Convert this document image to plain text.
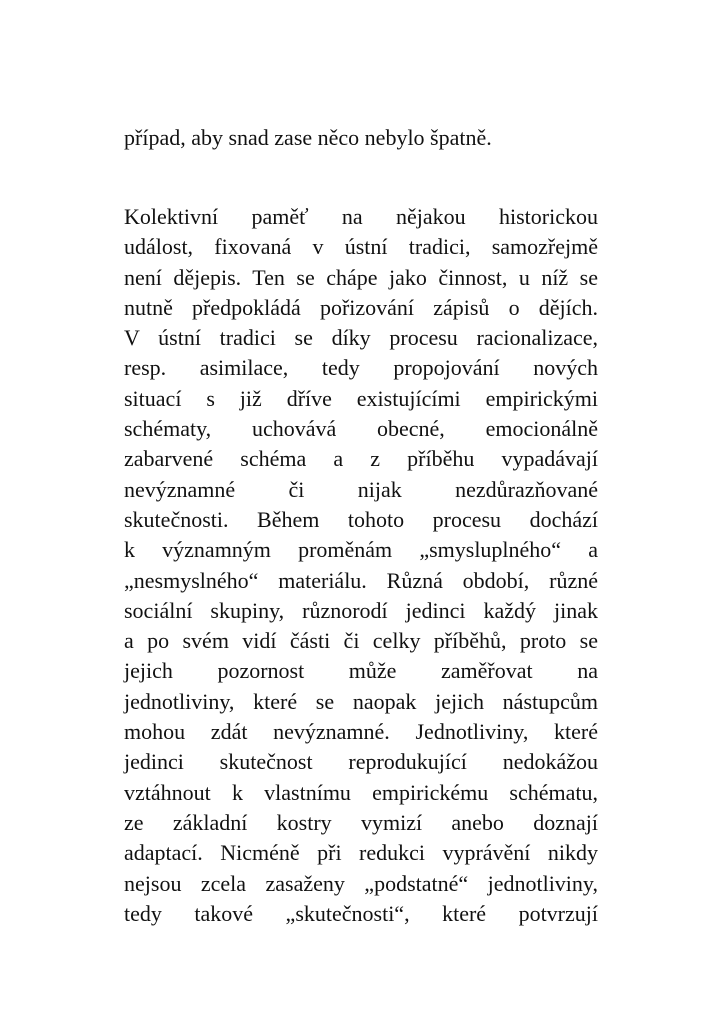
případ, aby snad zase něco nebylo špatně.
Kolektivní paměť na nějakou historickou
událost, fixovaná v ústní tradici, samozřejmě
není dějepis. Ten se chápe jako činnost, u níž se
nutně předpokládá pořizování zápisů o dějích.
V ústní tradici se díky procesu racionalizace,
resp. asimilace, tedy propojování nových
situací s již dříve existujícími empirickými
schématy, uchovává obecné, emocionálně
zabarvené schéma a z příběhu vypadávají
nevýznamné či nijak nezdůrazňované
skutečnosti. Během tohoto procesu dochází
k významným proměnám „smysluplného“ a
„nesmyslného“ materiálu. Různá období, různé
sociální skupiny, různorodí jedinci každý jinak
a po svém vidí části či celky příběhů, proto se
jejich pozornost může zaměřovat na
jednotliviny, které se naopak jejich nástupcům
mohou zdát nevýznamné. Jednotliviny, které
jedinci skutečnost reprodukující nedokážou
vztáhnout k vlastnímu empirickému schématu,
ze základní kostry vymizí anebo doznají
adaptací. Nicméně při redukci vyprávění nikdy
nejsou zcela zasaženy „podstatné“ jednotliviny,
tedy takové „skutečnosti“, které potvrzují
